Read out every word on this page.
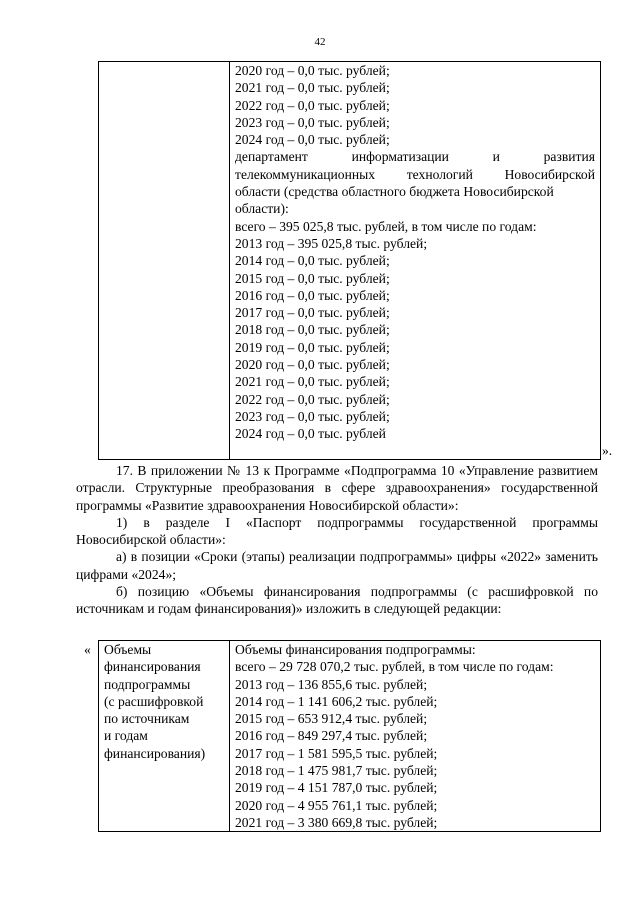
42

2020 год – 0,0 тыс. рублей;
2021 год – 0,0 тыс. рублей;
2022 год – 0,0 тыс. рублей;
2023 год – 0,0 тыс. рублей;
2024 год – 0,0 тыс. рублей;
департамент информатизации и развития
телекоммуникационных технологий Новосибирской
области (средства областного бюджета Новосибирской
области):
всего – 395 025,8 тыс. рублей, в том числе по годам:
2013 год – 395 025,8 тыс. рублей;
2014 год – 0,0 тыс. рублей;
2015 год – 0,0 тыс. рублей;
2016 год – 0,0 тыс. рублей;
2017 год – 0,0 тыс. рублей;
2018 год – 0,0 тыс. рублей;
2019 год – 0,0 тыс. рублей;
2020 год – 0,0 тыс. рублей;
2021 год – 0,0 тыс. рублей;
2022 год – 0,0 тыс. рублей;
2023 год – 0,0 тыс. рублей;
2024 год – 0,0 тыс. рублей
».
17. В приложении № 13 к Программе «Подпрограмма 10 «Управление развитием отрасли. Структурные преобразования в сфере здравоохранения» государственной программы «Развитие здравоохранения Новосибирской области»:
1) в разделе I «Паспорт подпрограммы государственной программы Новосибирской области»:
а) в позиции «Сроки (этапы) реализации подпрограммы» цифры «2022» заменить цифрами «2024»;
б) позицию «Объемы финансирования подпрограммы (с расшифровкой по источникам и годам финансирования)» изложить в следующей редакции:
« Объемы
финансирования
подпрограммы
(с расшифровкой
по источникам
и годам
финансирования)

Объемы финансирования подпрограммы:
всего – 29 728 070,2 тыс. рублей, в том числе по годам:
2013 год – 136 855,6 тыс. рублей;
2014 год – 1 141 606,2 тыс. рублей;
2015 год – 653 912,4 тыс. рублей;
2016 год – 849 297,4 тыс. рублей;
2017 год – 1 581 595,5 тыс. рублей;
2018 год – 1 475 981,7 тыс. рублей;
2019 год – 4 151 787,0 тыс. рублей;
2020 год – 4 955 761,1 тыс. рублей;
2021 год – 3 380 669,8 тыс. рублей;
